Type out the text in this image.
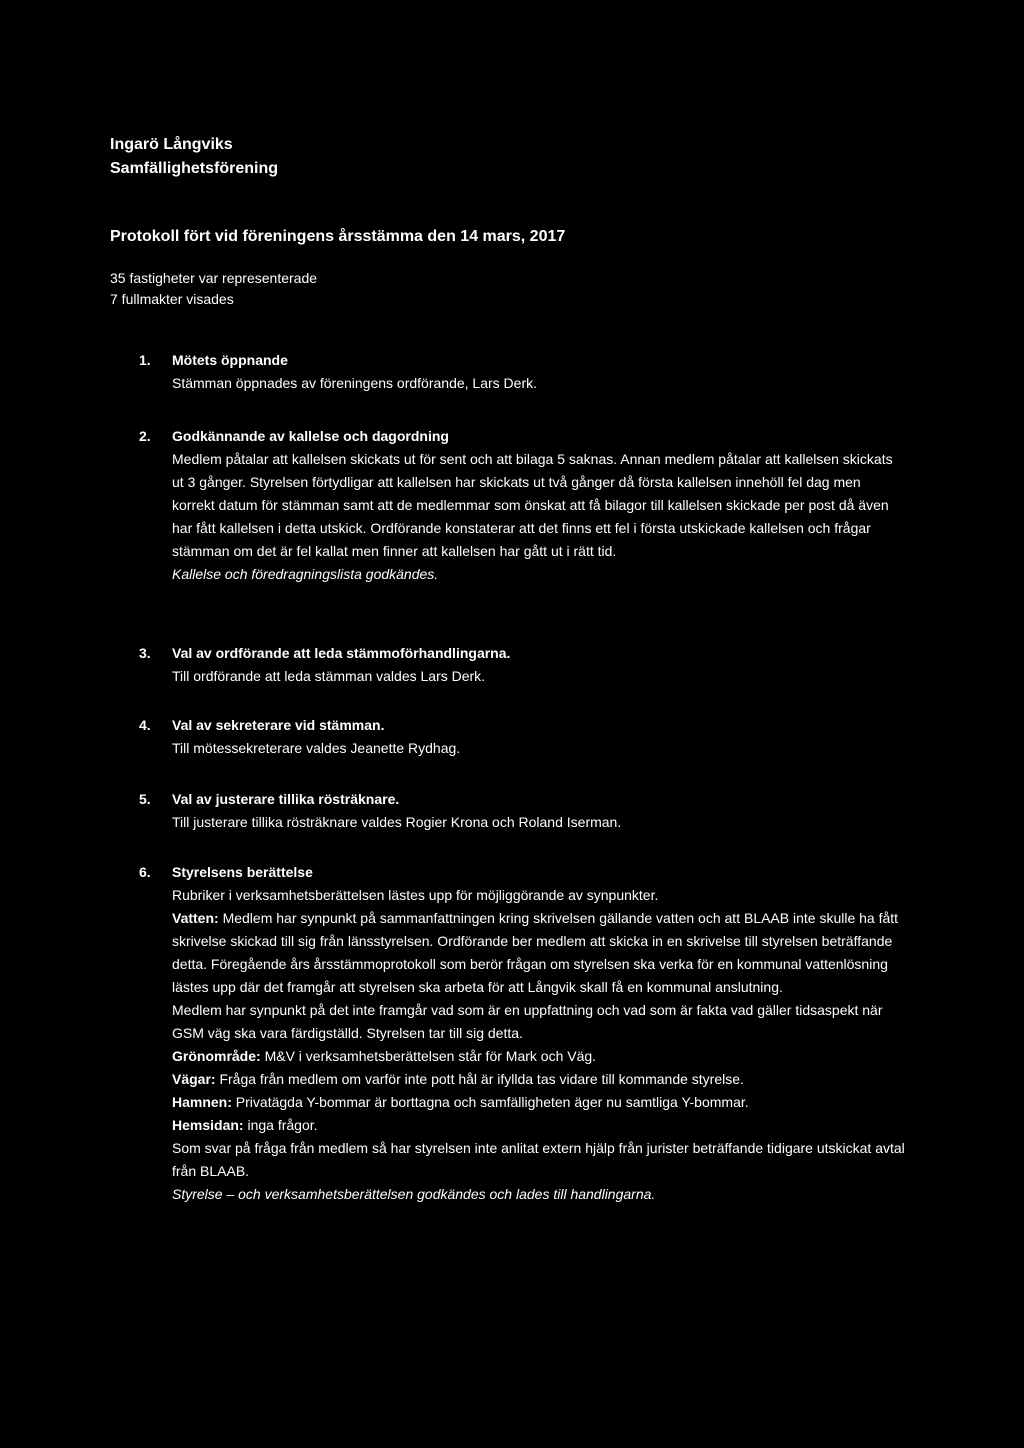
Ingarö Långviks
Samfällighetsförening
Protokoll fört vid föreningens årsstämma den 14 mars, 2017
35 fastigheter var representerade
7 fullmakter visades
1. Mötets öppnande

Stämman öppnades av föreningens ordförande, Lars Derk.

2. Godkännande av kallelse och dagordning

Medlem påtalar att kallelsen skickats ut för sent och att bilaga 5 saknas. Annan medlem påtalar att kallelsen skickats ut 3 gånger. Styrelsen förtydligar att kallelsen har skickats ut två gånger då första kallelsen innehöll fel dag men korrekt datum för stämman samt att de medlemmar som önskat att få bilagor till kallelsen skickade per post då även har fått kallelsen i detta utskick. Ordförande konstaterar att det finns ett fel i första utskickade kallelsen och frågar stämman om det är fel kallat men finner att kallelsen har gått ut i rätt tid.

Kallelse och föredragningslista godkändes.

3. Val av ordförande att leda stämmoförhandlingarna.

Till ordförande att leda stämman valdes Lars Derk.

4. Val av sekreterare vid stämman.

Till mötessekreterare valdes Jeanette Rydhag.

5. Val av justerare tillika rösträknare.

Till justerare tillika rösträknare valdes Rogier Krona och Roland Iserman.

6. Styrelsens berättelse

Rubriker i verksamhetsberättelsen lästes upp för möjliggörande av synpunkter.

Vatten: Medlem har synpunkt på sammanfattningen kring skrivelsen gällande vatten och att BLAAB inte skulle ha fått skrivelse skickad till sig från länsstyrelsen. Ordförande ber medlem att skicka in en skrivelse till styrelsen beträffande detta. Föregående års årsstämmoprotokoll som berör frågan om styrelsen ska verka för en kommunal vattenlösning lästes upp där det framgår att styrelsen ska arbeta för att Långvik skall få en kommunal anslutning.

Medlem har synpunkt på det inte framgår vad som är en uppfattning och vad som är fakta vad gäller tidsaspekt när GSM väg ska vara färdigställd. Styrelsen tar till sig detta.

Grönområde: M&V i verksamhetsberättelsen står för Mark och Väg.

Vägar: Fråga från medlem om varför inte pott hål är ifyllda tas vidare till kommande styrelse.

Hamnen: Privatägda Y-bommar är borttagna och samfälligheten äger nu samtliga Y-bommar.

Hemsidan: inga frågor.

Som svar på fråga från medlem så har styrelsen inte anlitat extern hjälp från jurister beträffande tidigare utskickat avtal från BLAAB.

Styrelse – och verksamhetsberättelsen godkändes och lades till handlingarna.
